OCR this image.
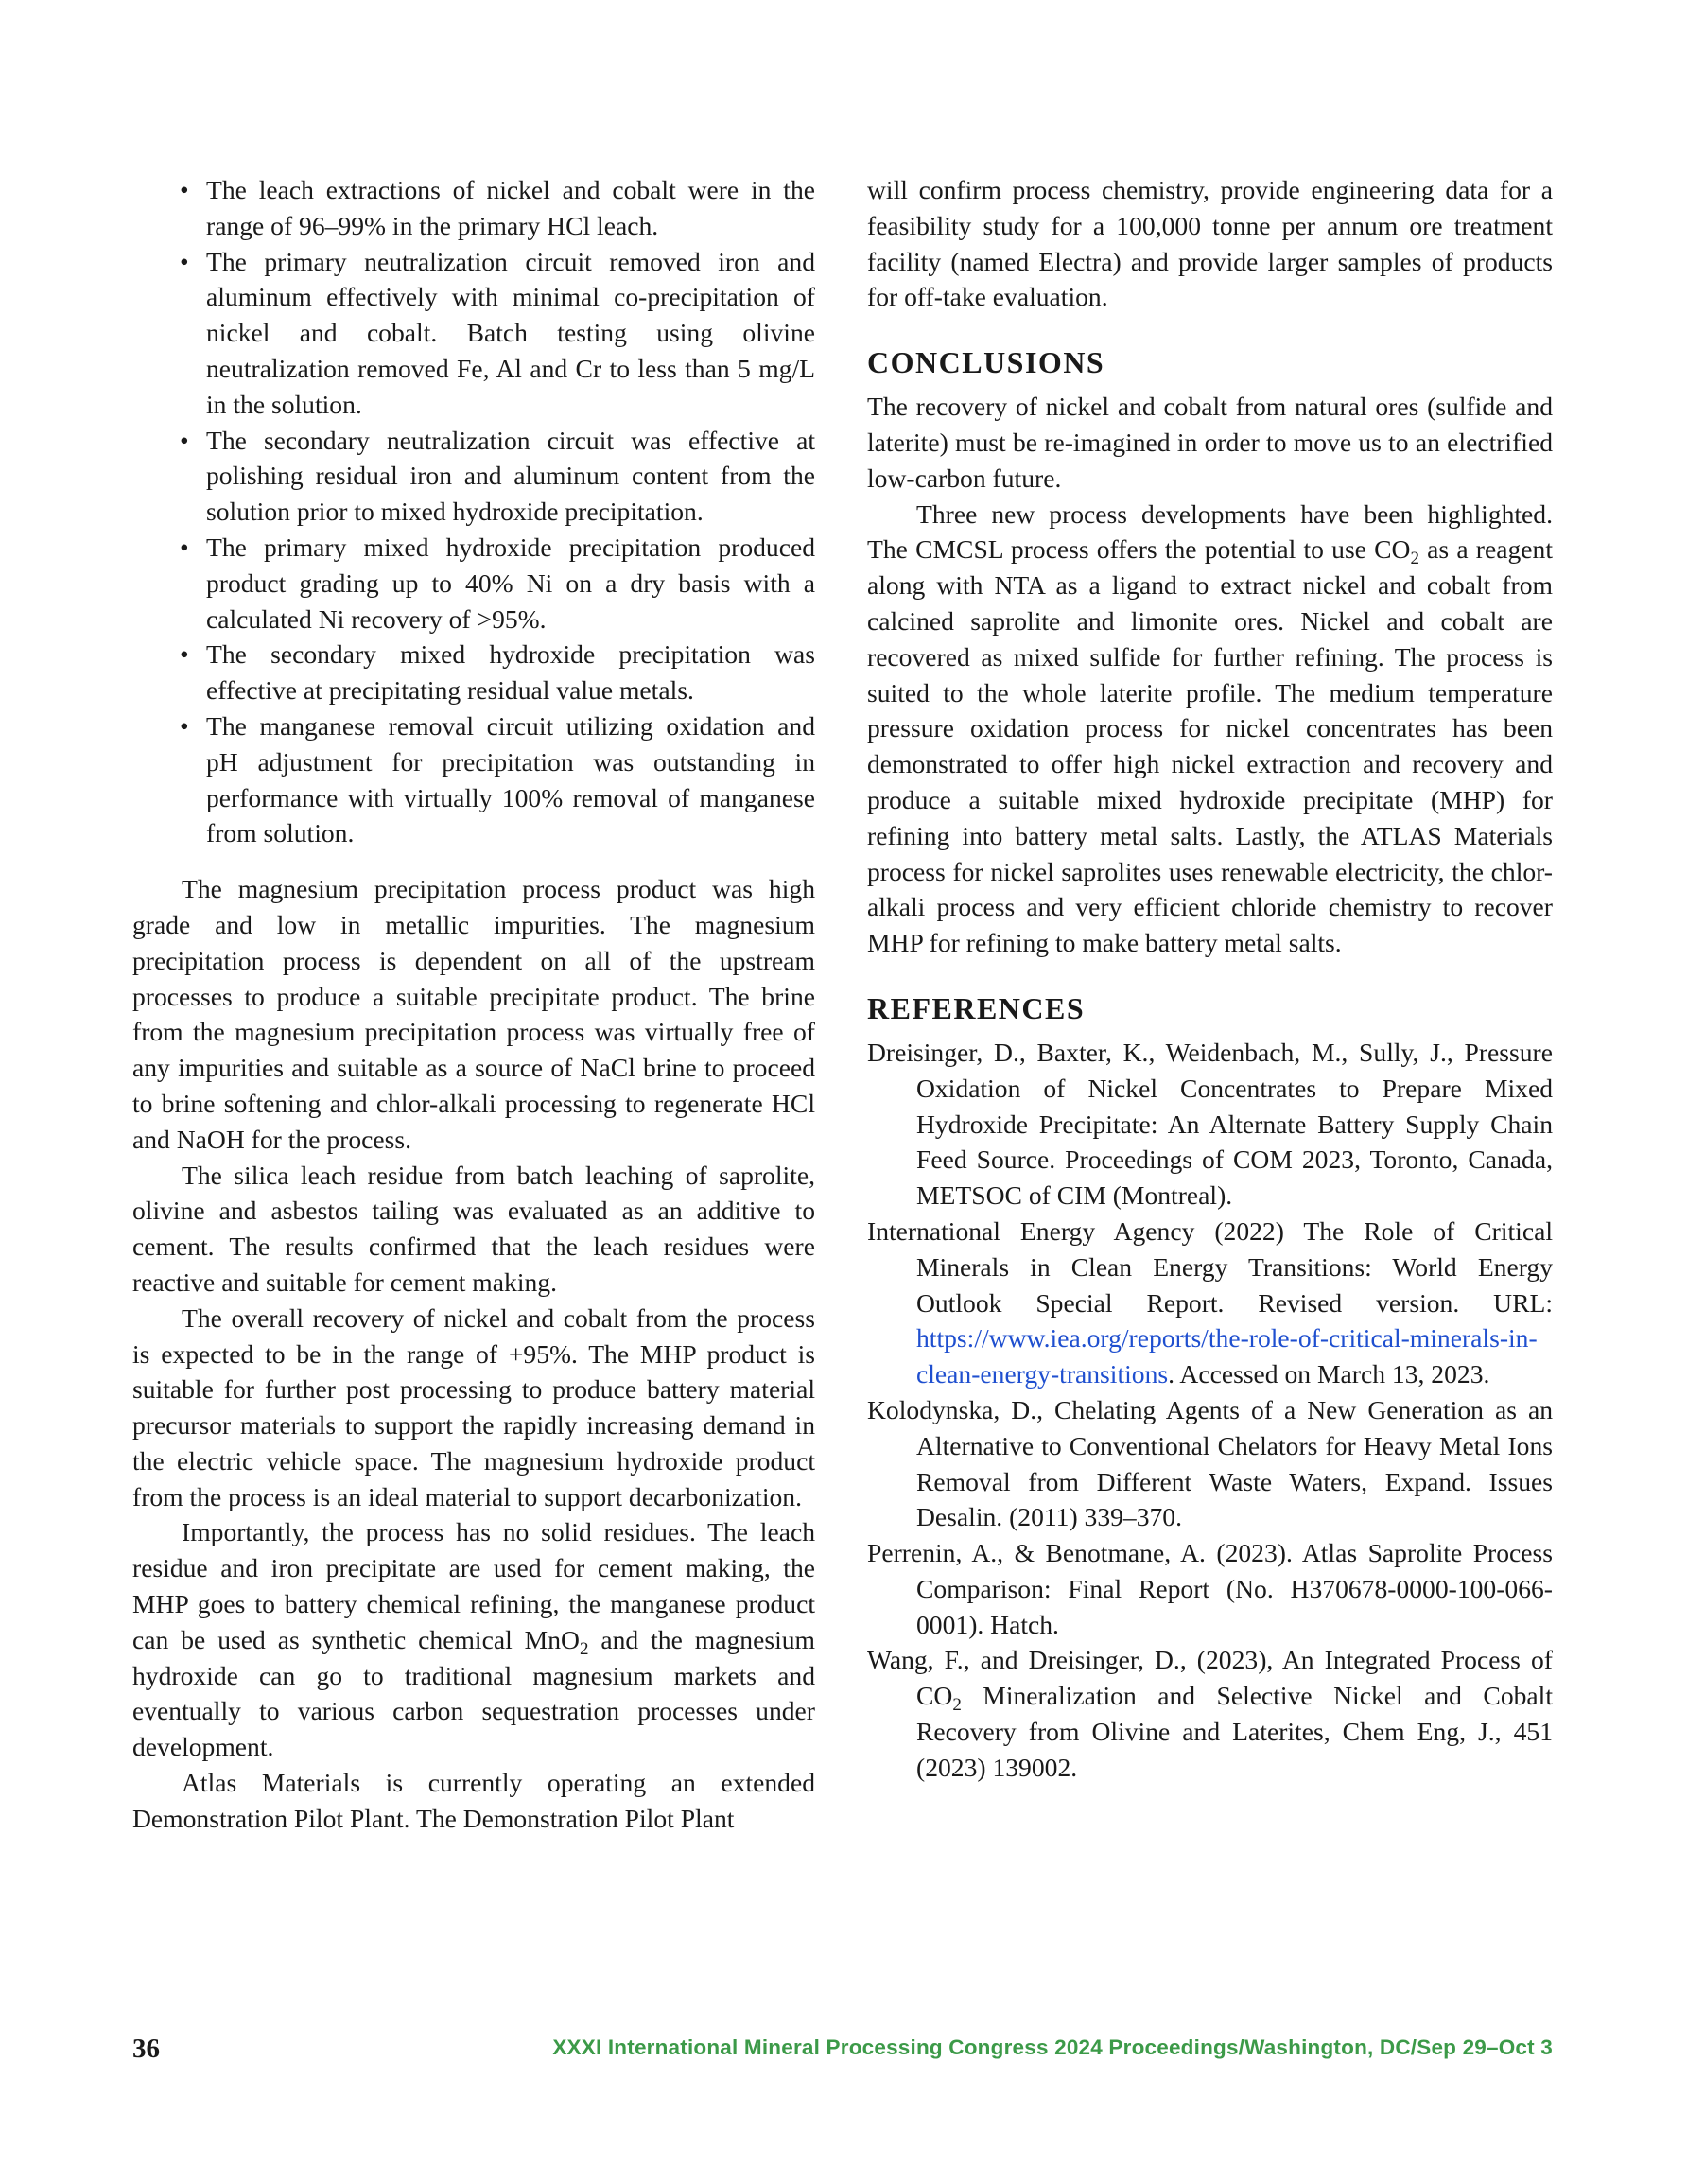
• The leach extractions of nickel and cobalt were in the range of 96–99% in the primary HCl leach.
• The primary neutralization circuit removed iron and aluminum effectively with minimal co-precipitation of nickel and cobalt. Batch testing using olivine neutralization removed Fe, Al and Cr to less than 5 mg/L in the solution.
• The secondary neutralization circuit was effective at polishing residual iron and aluminum content from the solution prior to mixed hydroxide precipitation.
• The primary mixed hydroxide precipitation produced product grading up to 40% Ni on a dry basis with a calculated Ni recovery of >95%.
• The secondary mixed hydroxide precipitation was effective at precipitating residual value metals.
• The manganese removal circuit utilizing oxidation and pH adjustment for precipitation was outstanding in performance with virtually 100% removal of manganese from solution.

The magnesium precipitation process product was high grade and low in metallic impurities. The magnesium precipitation process is dependent on all of the upstream processes to produce a suitable precipitate product. The brine from the magnesium precipitation process was virtually free of any impurities and suitable as a source of NaCl brine to proceed to brine softening and chlor-alkali processing to regenerate HCl and NaOH for the process.

The silica leach residue from batch leaching of saprolite, olivine and asbestos tailing was evaluated as an additive to cement. The results confirmed that the leach residues were reactive and suitable for cement making.

The overall recovery of nickel and cobalt from the process is expected to be in the range of +95%. The MHP product is suitable for further post processing to produce battery material precursor materials to support the rapidly increasing demand in the electric vehicle space. The magnesium hydroxide product from the process is an ideal material to support decarbonization.

Importantly, the process has no solid residues. The leach residue and iron precipitate are used for cement making, the MHP goes to battery chemical refining, the manganese product can be used as synthetic chemical MnO$_2$ and the magnesium hydroxide can go to traditional magnesium markets and eventually to various carbon sequestration processes under development.

Atlas Materials is currently operating an extended Demonstration Pilot Plant. The Demonstration Pilot Plant

will confirm process chemistry, provide engineering data for a feasibility study for a 100,000 tonne per annum ore treatment facility (named Electra) and provide larger samples of products for off-take evaluation.

CONCLUSIONS

The recovery of nickel and cobalt from natural ores (sulfide and laterite) must be re-imagined in order to move us to an electrified low-carbon future.

Three new process developments have been highlighted. The CMCSL process offers the potential to use $CO_2$ as a reagent along with NTA as a ligand to extract nickel and cobalt from calcined saprolite and limonite ores. Nickel and cobalt are recovered as mixed sulfide for further refining. The process is suited to the whole laterite profile. The medium temperature pressure oxidation process for nickel concentrates has been demonstrated to offer high nickel extraction and recovery and produce a suitable mixed hydroxide precipitate (MHP) for refining into battery metal salts. Lastly, the ATLAS Materials process for nickel saprolites uses renewable electricity, the chlor-alkali process and very efficient chloride chemistry to recover MHP for refining to make battery metal salts.

REFERENCES
Dreisinger, D., Baxter, K., Weidenbach, M., Sully, J., Pressure Oxidation of Nickel Concentrates to Prepare Mixed Hydroxide Precipitate: An Alternate Battery Supply Chain Feed Source. Proceedings of COM 2023, Toronto, Canada, METSOC of CIM (Montreal).
International Energy Agency (2022) The Role of Critical Minerals in Clean Energy Transitions: World Energy Outlook Special Report. Revised version. URL: https://www.iea.org/reports/the-role-of-critical-minerals-in-clean-energy-transitions. Accessed on March 13, 2023.
Kolodynska, D., Chelating Agents of a New Generation as an Alternative to Conventional Chelators for Heavy Metal Ions Removal from Different Waste Waters, Expand. Issues Desalin. (2011) 339–370.
Perrenin, A., & Benotmane, A. (2023). Atlas Saprolite Process Comparison: Final Report (No. H370678-0000-100-066-0001). Hatch.
Wang, F., and Dreisinger, D., (2023), An Integrated Process of $CO_2$ Mineralization and Selective Nickel and Cobalt Recovery from Olivine and Laterites, Chem Eng, J., 451 (2023) 139002.
36	XXXI International Mineral Processing Congress 2024 Proceedings/Washington, DC/Sep 29–Oct 3
